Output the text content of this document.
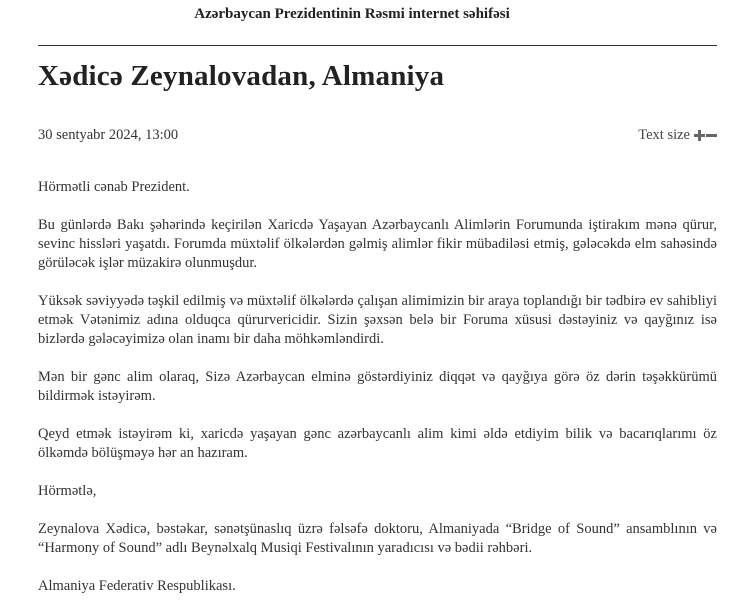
Azərbaycan Prezidentinin Rəsmi internet səhifəsi
Xədicə Zeynalovadan, Almaniya
30 sentyabr 2024, 13:00	Text size

Hörmətli cənab Prezident.

Bu günlərdə Bakı şəhərində keçirilən Xaricdə Yaşayan Azərbaycanlı Alimlərin Forumunda iştirakım mənə qürur, sevinc hissləri yaşatdı. Forumda müxtəlif ölkələrdən gəlmiş alimlər fikir mübadiləsi etmiş, gələcəkdə elm sahəsində görüləcək işlər müzakirə olunmuşdur.

Yüksək səviyyədə təşkil edilmiş və müxtəlif ölkələrdə çalışan alimimizin bir araya toplandığı bir tədbirə ev sahibliyi etmək Vətənimiz adına olduqca qürurvericidir. Sizin şəxsən belə bir Foruma xüsusi dəstəyiniz və qayğınız isə bizlərdə gələcəyimizə olan inamı bir daha möhkəmləndirdi.

Mən bir gənc alim olaraq, Sizə Azərbaycan elminə göstərdiyiniz diqqət və qayğıya görə öz dərin təşəkkürümü bildirmək istəyirəm.

Qeyd etmək istəyirəm ki, xaricdə yaşayan gənc azərbaycanlı alim kimi əldə etdiyim bilik və bacarıqlarımı öz ölkəmdə bölüşməyə hər an hazıram.

Hörmətlə,

Zeynalova Xədicə, bəstəkar, sənətşünaslıq üzrə fəlsəfə doktoru, Almaniyada “Bridge of Sound” ansamblının və “Harmony of Sound” adlı Beynəlxalq Musiqi Festivalının yaradıcısı və bədii rəhbəri.

Almaniya Federativ Respublikası.
